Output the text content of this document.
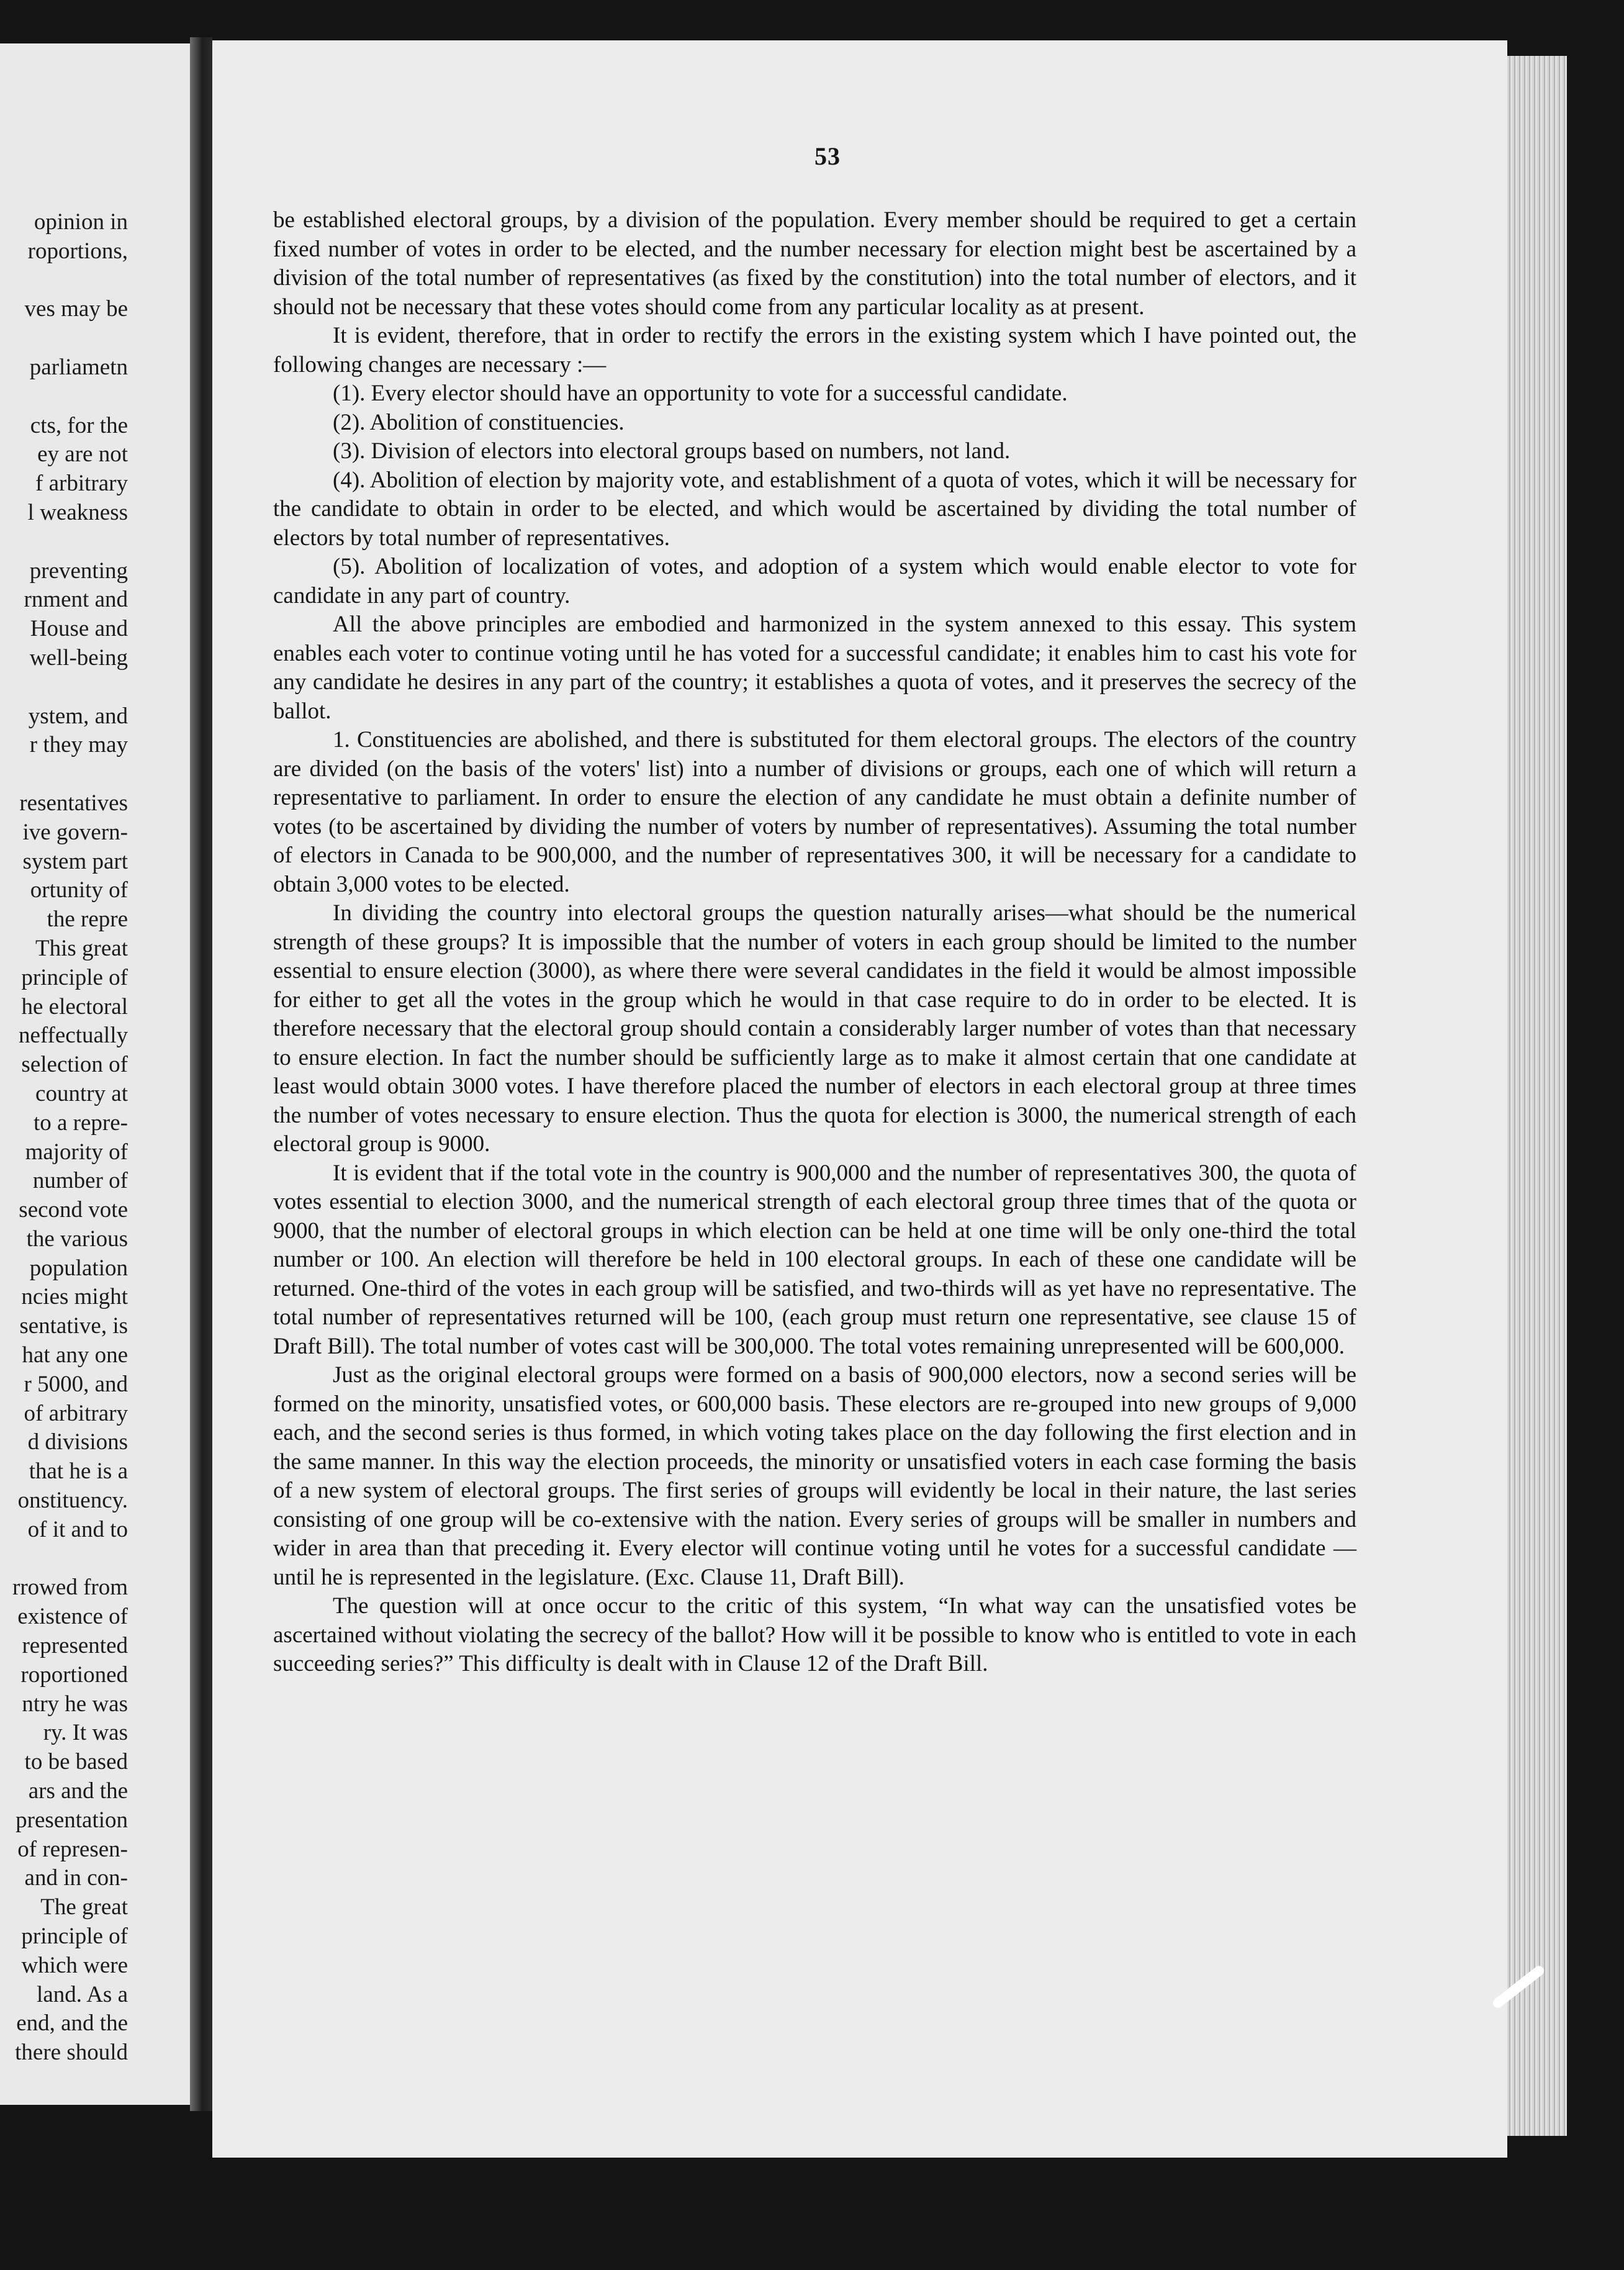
opinion in
roportions,
ves may be
parliametn
cts, for the
ey are not
f arbitrary
l weakness
preventing
rnment and
House and
well-being
ystem, and
r they may
resentatives
ive govern-
system part
ortunity of
the repre
This great
principle of
he electoral
neffectually
selection of
country at
to a repre-
majority of
number of
second vote
the various
population
ncies might
sentative, is
hat any one
r 5000, and
of arbitrary
d divisions
that he is a
onstituency.
of it and to
rrowed from
existence of
represented
roportioned
ntry he was
ry. It was
to be based
ars and the
presentation
of represen-
and in con-
The great
principle of
which were
land. As a
end, and the
there should
53

be established electoral groups, by a division of the population. Every member should be required to get a certain fixed number of votes in order to be elected, and the number necessary for election might best be ascertained by a division of the total number of representatives (as fixed by the constitution) into the total number of electors, and it should not be necessary that these votes should come from any particular locality as at present.

It is evident, therefore, that in order to rectify the errors in the existing system which I have pointed out, the following changes are necessary :—

(1). Every elector should have an opportunity to vote for a successful candidate.

(2). Abolition of constituencies.

(3). Division of electors into electoral groups based on numbers, not land.

(4). Abolition of election by majority vote, and establishment of a quota of votes, which it will be necessary for the candidate to obtain in order to be elected, and which would be ascertained by dividing the total number of electors by total number of representatives.

(5). Abolition of localization of votes, and adoption of a system which would enable elector to vote for candidate in any part of country.

All the above principles are embodied and harmonized in the system annexed to this essay. This system enables each voter to continue voting until he has voted for a successful candidate; it enables him to cast his vote for any candidate he desires in any part of the country; it establishes a quota of votes, and it preserves the secrecy of the ballot.

1. Constituencies are abolished, and there is substituted for them electoral groups. The electors of the country are divided (on the basis of the voters' list) into a number of divisions or groups, each one of which will return a representative to parliament. In order to ensure the election of any candidate he must obtain a definite number of votes (to be ascertained by dividing the number of voters by number of representatives). Assuming the total number of electors in Canada to be 900,000, and the number of representatives 300, it will be necessary for a candidate to obtain 3,000 votes to be elected.

In dividing the country into electoral groups the question naturally arises—what should be the numerical strength of these groups? It is impossible that the number of voters in each group should be limited to the number essential to ensure election (3000), as where there were several candidates in the field it would be almost impossible for either to get all the votes in the group which he would in that case require to do in order to be elected. It is therefore necessary that the electoral group should contain a considerably larger number of votes than that necessary to ensure election. In fact the number should be sufficiently large as to make it almost certain that one candidate at least would obtain 3000 votes. I have therefore placed the number of electors in each electoral group at three times the number of votes necessary to ensure election. Thus the quota for election is 3000, the numerical strength of each electoral group is 9000.

It is evident that if the total vote in the country is 900,000 and the number of representatives 300, the quota of votes essential to election 3000, and the numerical strength of each electoral group three times that of the quota or 9000, that the number of electoral groups in which election can be held at one time will be only one-third the total number or 100. An election will therefore be held in 100 electoral groups. In each of these one candidate will be returned. One-third of the votes in each group will be satisfied, and two-thirds will as yet have no representative. The total number of representatives returned will be 100, (each group must return one representative, see clause 15 of Draft Bill). The total number of votes cast will be 300,000. The total votes remaining unrepresented will be 600,000.

Just as the original electoral groups were formed on a basis of 900,000 electors, now a second series will be formed on the minority, unsatisfied votes, or 600,000 basis. These electors are re-grouped into new groups of 9,000 each, and the second series is thus formed, in which voting takes place on the day following the first election and in the same manner. In this way the election proceeds, the minority or unsatisfied voters in each case forming the basis of a new system of electoral groups. The first series of groups will evidently be local in their nature, the last series consisting of one group will be co-extensive with the nation. Every series of groups will be smaller in numbers and wider in area than that preceding it. Every elector will continue voting until he votes for a successful candidate —until he is represented in the legislature. (Exc. Clause 11, Draft Bill).

The question will at once occur to the critic of this system, “In what way can the unsatisfied votes be ascertained without violating the secrecy of the ballot? How will it be possible to know who is entitled to vote in each succeeding series?” This difficulty is dealt with in Clause 12 of the Draft Bill.
